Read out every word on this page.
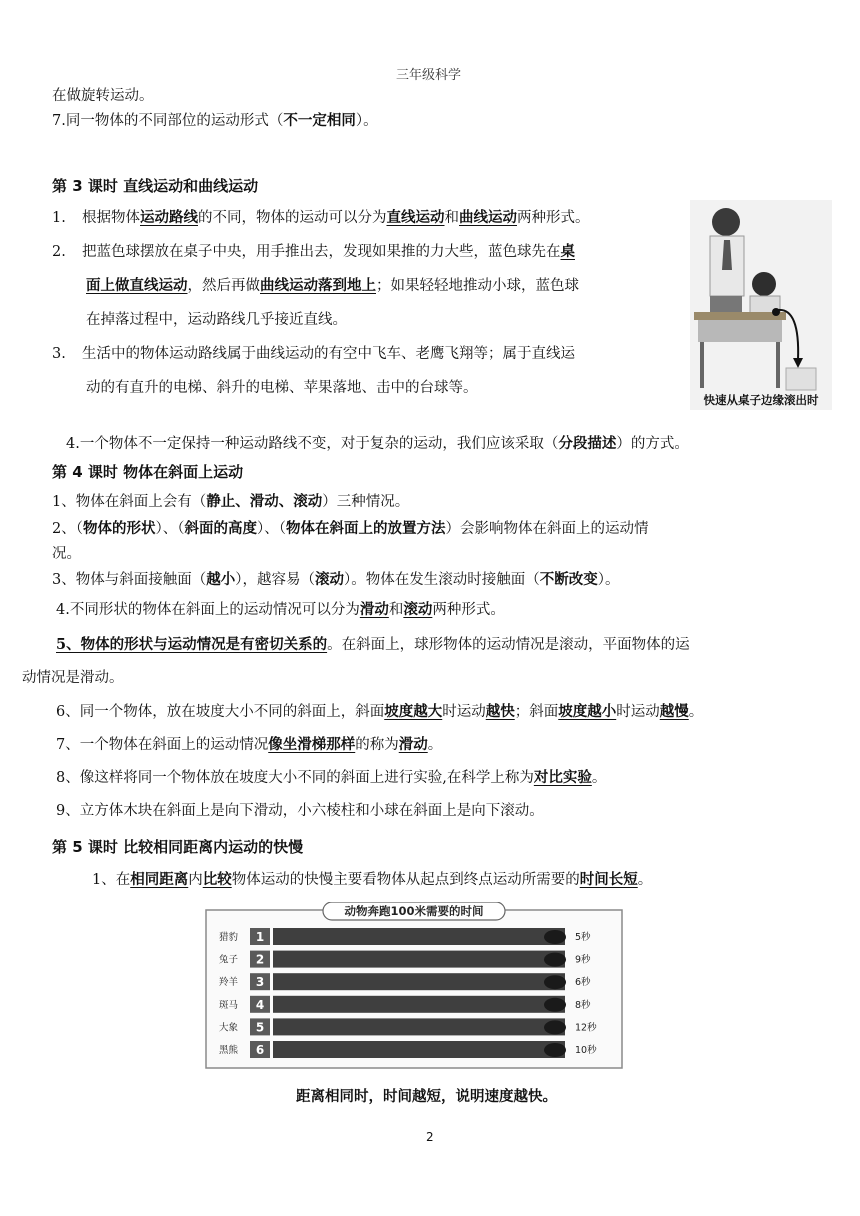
三年级科学
在做旋转运动。
7.同一物体的不同部位的运动形式（不一定相同）。
第 3 课时 直线运动和曲线运动
1. 根据物体运动路线的不同，物体的运动可以分为直线运动和曲线运动两种形式。
2. 把蓝色球摆放在桌子中央，用手推出去，发现如果推的力大些，蓝色球先在桌
面上做直线运动，然后再做曲线运动落到地上；如果轻轻地推动小球，蓝色球
在掉落过程中，运动路线几乎接近直线。
3. 生活中的物体运动路线属于曲线运动的有空中飞车、老鹰飞翔等；属于直线运
动的有直升的电梯、斜升的电梯、苹果落地、击中的台球等。
快速从桌子边缘滚出时
4.一个物体不一定保持一种运动路线不变，对于复杂的运动，我们应该采取（分段描述）的方式。
第 4 课时 物体在斜面上运动
1、物体在斜面上会有（静止、滑动、滚动）三种情况。
2、（物体的形状）、（斜面的高度）、（物体在斜面上的放置方法）会影响物体在斜面上的运动情
况。
3、物体与斜面接触面（越小），越容易（滚动）。物体在发生滚动时接触面（不断改变）。
4.不同形状的物体在斜面上的运动情况可以分为滑动和滚动两种形式。
5、物体的形状与运动情况是有密切关系的。在斜面上，球形物体的运动情况是滚动，平面物体的运
动情况是滑动。
6、同一个物体，放在坡度大小不同的斜面上，斜面坡度越大时运动越快；斜面坡度越小时运动越慢。
7、一个物体在斜面上的运动情况像坐滑梯那样的称为滑动。
8、像这样将同一个物体放在坡度大小不同的斜面上进行实验,在科学上称为对比实验。
9、立方体木块在斜面上是向下滑动，小六棱柱和小球在斜面上是向下滚动。
第 5 课时 比较相同距离内运动的快慢
1、在相同距离内比较物体运动的快慢主要看物体从起点到终点运动所需要的时间长短。
动物奔跑100米需要的时间
猎豹 1	5秒
兔子 2	9秒
羚羊 3	6秒
斑马 4	8秒
大象 5	12秒
黑熊 6	10秒
距离相同时，时间越短，说明速度越快。
2
